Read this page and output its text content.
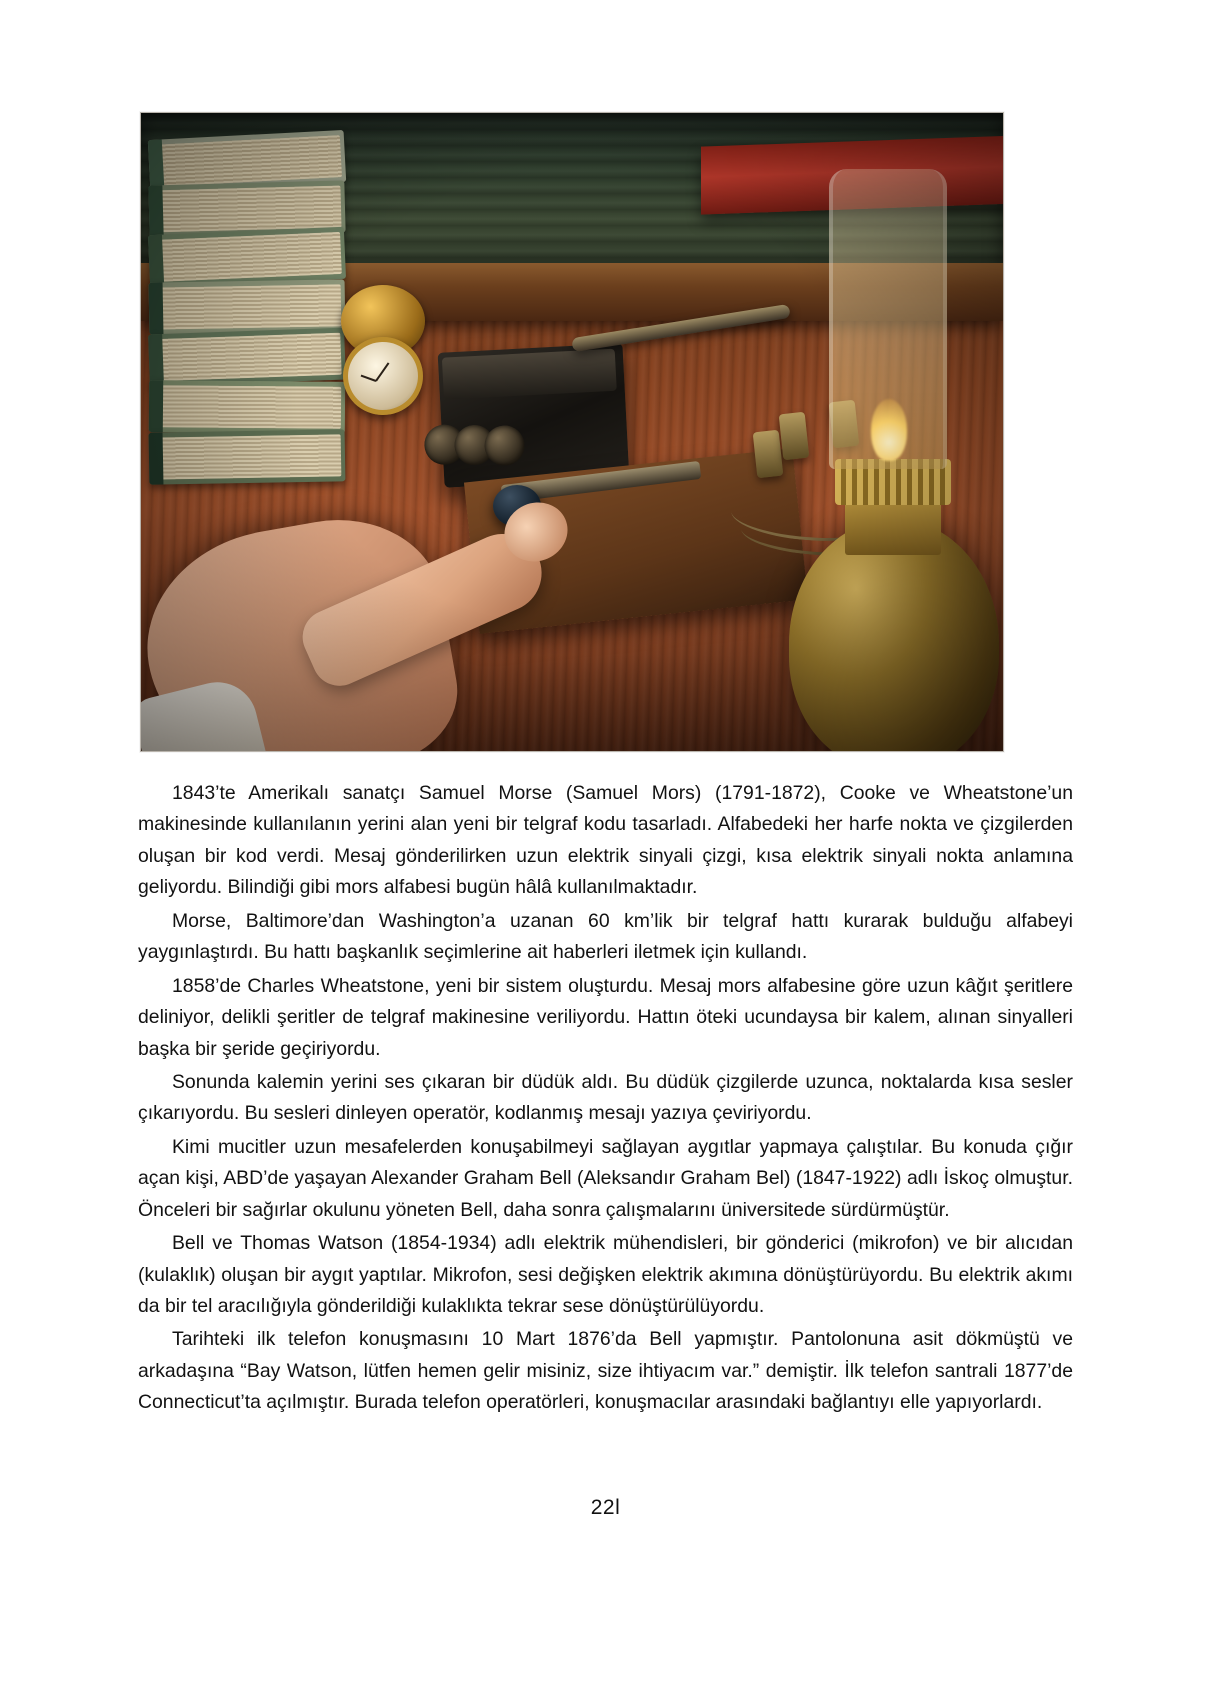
1843’te Amerikalı sanatçı Samuel Morse (Samuel Mors) (1791-1872), Cooke ve Wheatstone’un makinesinde kullanılanın yerini alan yeni bir telgraf kodu tasarladı. Alfabedeki her harfe nokta ve çizgilerden oluşan bir kod verdi. Mesaj gönderilirken uzun elektrik sinyali çizgi, kısa elektrik sinyali nokta anlamına geliyordu. Bilindiği gibi mors alfabesi bugün hâlâ kullanılmaktadır.

Morse, Baltimore’dan Washington’a uzanan 60 km’lik bir telgraf hattı kurarak bulduğu alfabeyi yaygınlaştırdı. Bu hattı başkanlık seçimlerine ait haberleri iletmek için kullandı.

1858’de Charles Wheatstone, yeni bir sistem oluşturdu. Mesaj mors alfabesine göre uzun kâğıt şeritlere deliniyor, delikli şeritler de telgraf makinesine veriliyordu. Hattın öteki ucundaysa bir kalem, alınan sinyalleri başka bir şeride geçiriyordu.

Sonunda kalemin yerini ses çıkaran bir düdük aldı. Bu düdük çizgilerde uzunca, noktalarda kısa sesler çıkarıyordu. Bu sesleri dinleyen operatör, kodlanmış mesajı yazıya çeviriyordu.

Kimi mucitler uzun mesafelerden konuşabilmeyi sağlayan aygıtlar yapmaya çalıştılar. Bu konuda çığır açan kişi, ABD’de yaşayan Alexander Graham Bell (Aleksandır Graham Bel) (1847-1922) adlı İskoç olmuştur. Önceleri bir sağırlar okulunu yöneten Bell, daha sonra çalışmalarını üniversitede sürdürmüştür.

Bell ve Thomas Watson (1854-1934) adlı elektrik mühendisleri, bir gönderici (mikrofon) ve bir alıcıdan (kulaklık) oluşan bir aygıt yaptılar. Mikrofon, sesi değişken elektrik akımına dönüştürüyordu. Bu elektrik akımı da bir tel aracılığıyla gönderildiği kulaklıkta tekrar sese dönüştürülüyordu.

Tarihteki ilk telefon konuşmasını 10 Mart 1876’da Bell yapmıştır. Pantolonuna asit dökmüştü ve arkadaşına “Bay Watson, lütfen hemen gelir misiniz, size ihtiyacım var.” demiştir. İlk telefon santrali 1877’de Connecticut’ta açılmıştır. Burada telefon operatörleri, konuşmacılar arasındaki bağlantıyı elle yapıyorlardı.

22l
